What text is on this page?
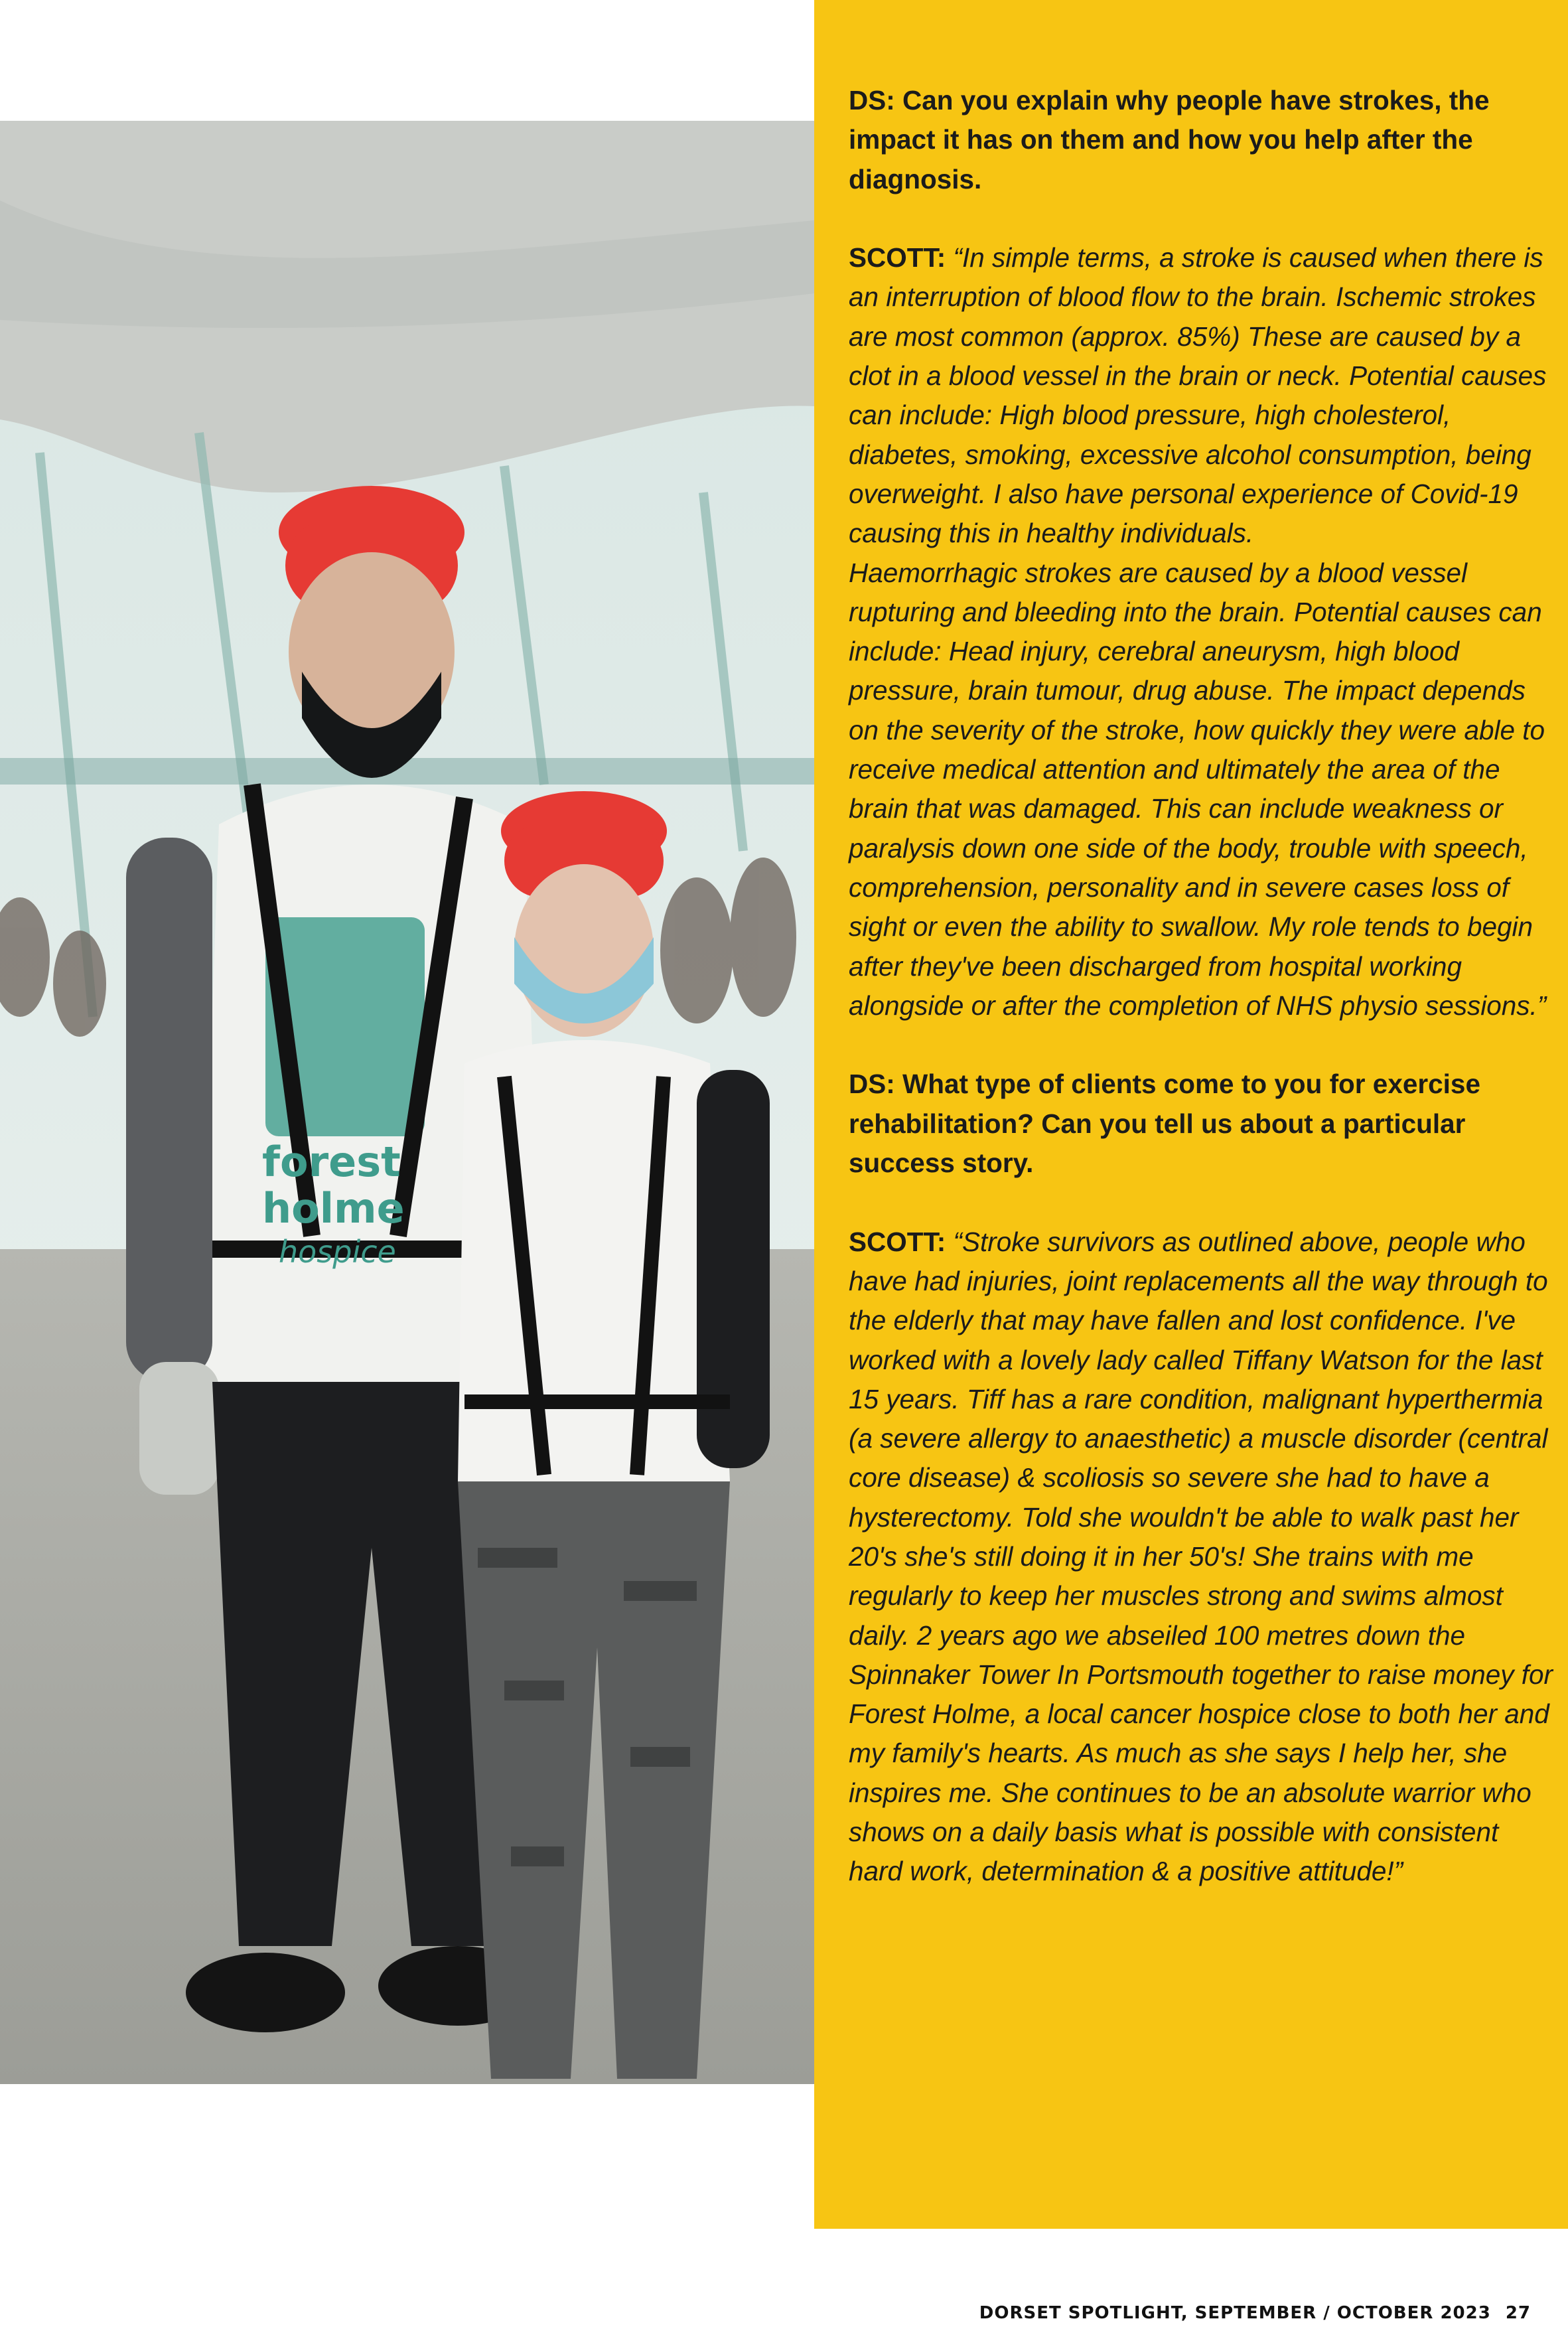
forest
holme
hospice

DS: Can you explain why people have strokes, the impact it has on them and how you help after the diagnosis.

SCOTT: “In simple terms, a stroke is caused when there is an interruption of blood flow to the brain. Ischemic strokes are most common (approx. 85%) These are caused by a clot in a blood vessel in the brain or neck. Potential causes can include: High blood pressure, high cholesterol, diabetes, smoking, excessive alcohol consumption, being overweight. I also have personal experience of Covid-19 causing this in healthy individuals.

Haemorrhagic strokes are caused by a blood vessel rupturing and bleeding into the brain. Potential causes can include: Head injury, cerebral aneurysm, high blood pressure, brain tumour, drug abuse. The impact depends on the severity of the stroke, how quickly they were able to receive medical attention and ultimately the area of the brain that was damaged. This can include weakness or paralysis down one side of the body, trouble with speech, comprehension, personality and in severe cases loss of sight or even the ability to swallow. My role tends to begin after they've been discharged from hospital working alongside or after the completion of NHS physio sessions.”

DS: What type of clients come to you for exercise rehabilitation? Can you tell us about a particular success story.

SCOTT: “Stroke survivors as outlined above, people who have had injuries, joint replacements all the way through to the elderly that may have fallen and lost confidence. I've worked with a lovely lady called Tiffany Watson for the last 15 years. Tiff has a rare condition, malignant hyperthermia (a severe allergy to anaesthetic) a muscle disorder (central core disease) & scoliosis so severe she had to have a hysterectomy. Told she wouldn't be able to walk past her 20's she's still doing it in her 50's! She trains with me regularly to keep her muscles strong and swims almost daily. 2 years ago we abseiled 100 metres down the Spinnaker Tower In Portsmouth together to raise money for Forest Holme, a local cancer hospice close to both her and my family's hearts. As much as she says I help her, she inspires me. She continues to be an absolute warrior who shows on a daily basis what is possible with consistent hard work, determination & a positive attitude!”

DORSET SPOTLIGHT, SEPTEMBER / OCTOBER 2023 27
